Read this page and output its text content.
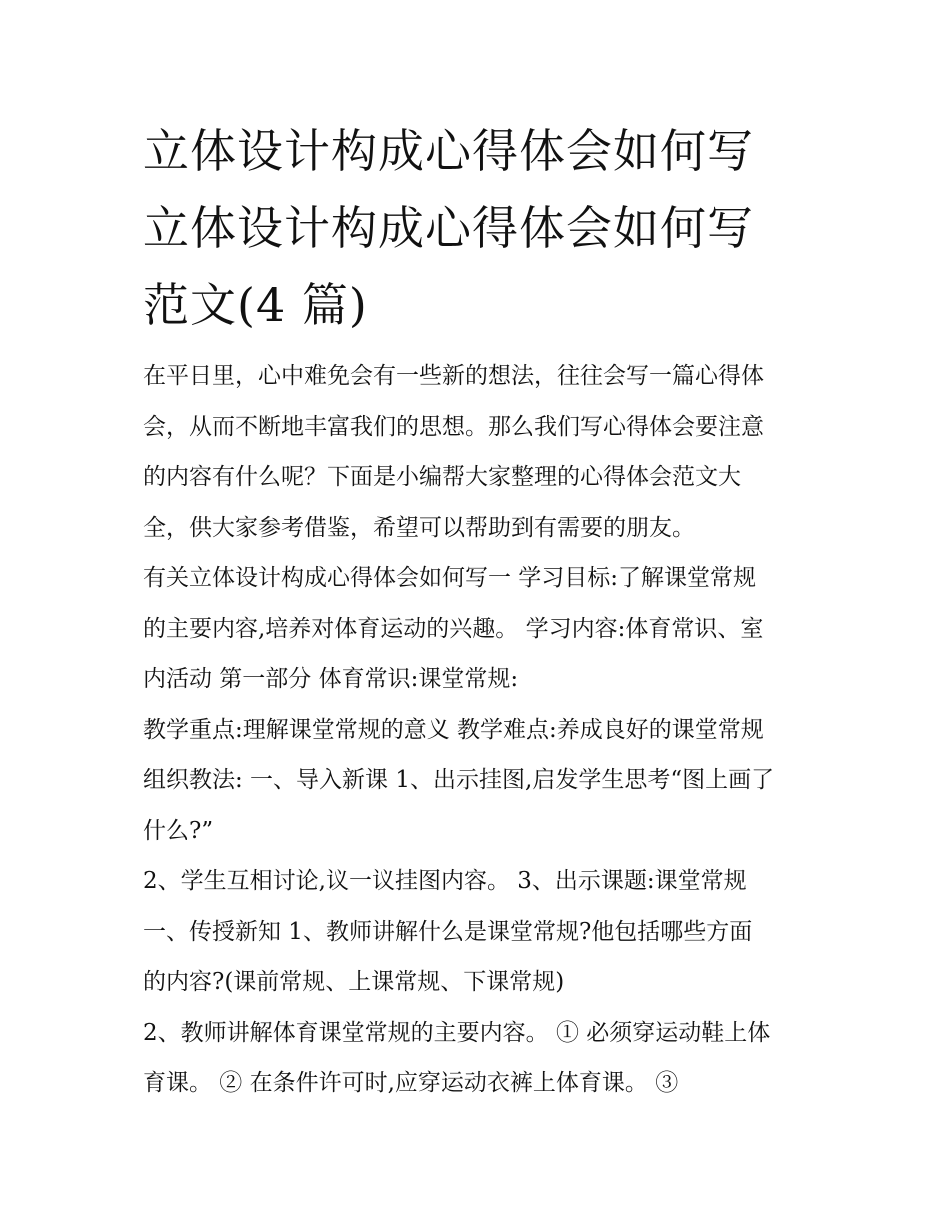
立体设计构成心得体会如何写
立体设计构成心得体会如何写
范文(4 篇)
在平日里，心中难免会有一些新的想法，往往会写一篇心得体
会，从而不断地丰富我们的思想。那么我们写心得体会要注意
的内容有什么呢？下面是小编帮大家整理的心得体会范文大
全，供大家参考借鉴，希望可以帮助到有需要的朋友。
有关立体设计构成心得体会如何写一 学习目标:了解课堂常规
的主要内容,培养对体育运动的兴趣。 学习内容:体育常识、室
内活动 第一部分 体育常识:课堂常规:
教学重点:理解课堂常规的意义 教学难点:养成良好的课堂常规
组织教法: 一、导入新课 1、出示挂图,启发学生思考“图上画了
什么?”
2、学生互相讨论,议一议挂图内容。 3、出示课题:课堂常规
一、传授新知 1、教师讲解什么是课堂常规?他包括哪些方面
的内容?(课前常规、上课常规、下课常规)
2、教师讲解体育课堂常规的主要内容。 ① 必须穿运动鞋上体
育课。 ② 在条件许可时,应穿运动衣裤上体育课。 ③
